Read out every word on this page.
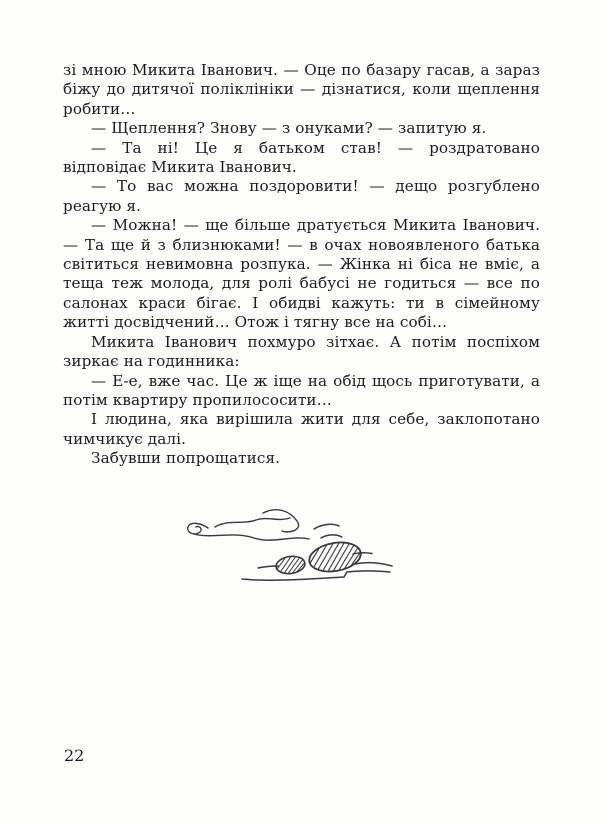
зі мною Микита Іванович. — Оце по базару гасав, а зараз біжу до дитячої поліклініки — дізнатися, коли щеплення робити…

— Щеплення? Знову — з онуками? — запитую я.

— Та ні! Це я батьком став! — роздратовано відповідає Микита Іванович.

— То вас можна поздоровити! — дещо розгублено реагую я.

— Можна! — ще більше дратується Микита Іванович. — Та ще й з близнюками! — в очах новоявленого батька світиться невимовна розпука. — Жінка ні біса не вміє, а теща теж молода, для ролі бабусі не годиться — все по салонах краси бігає. І обидві кажуть: ти в сімейному житті досвідчений… Отож і тягну все на собі…

Микита Іванович похмуро зітхає. А потім поспіхом зиркає на годинника:

— Е-е, вже час. Це ж іще на обід щось приготувати, а потім квартиру пропилососити…

І людина, яка вирішила жити для себе, заклопотано чимчикує далі.

Забувши попрощатися.

22
